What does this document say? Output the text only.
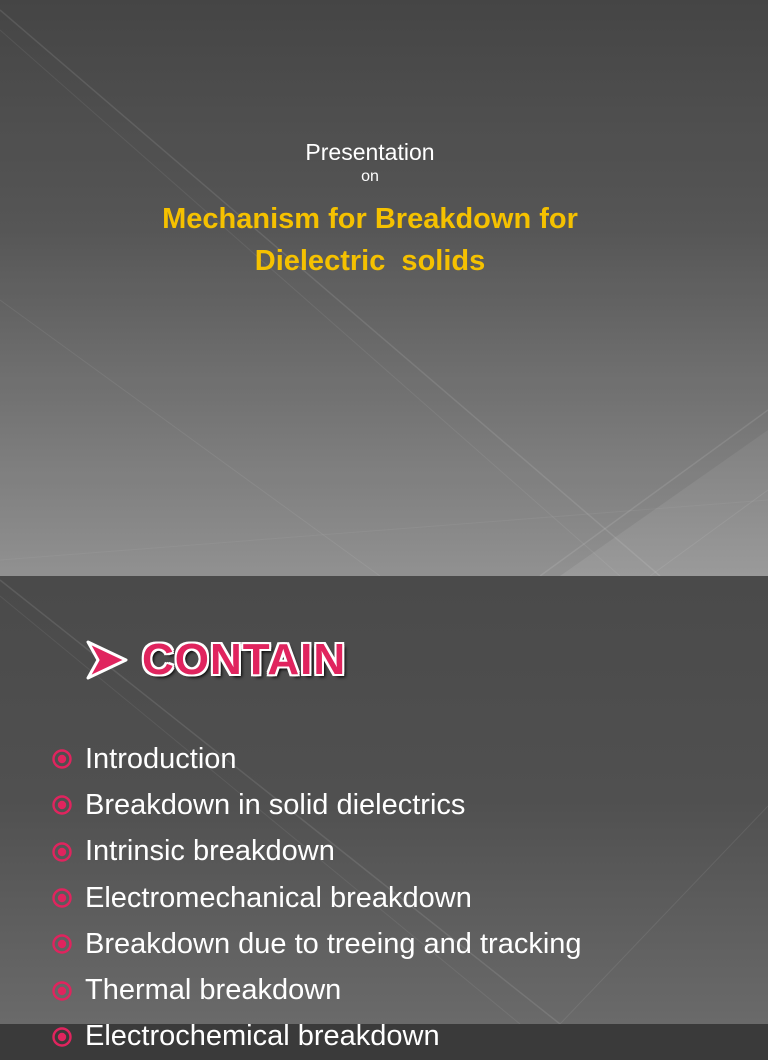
Presentation
on
Mechanism for Breakdown for
Dielectric  solids
CONTAIN
Introduction
Breakdown in solid dielectrics
Intrinsic breakdown
Electromechanical breakdown
Breakdown due to treeing and tracking
Thermal breakdown
Electrochemical breakdown
